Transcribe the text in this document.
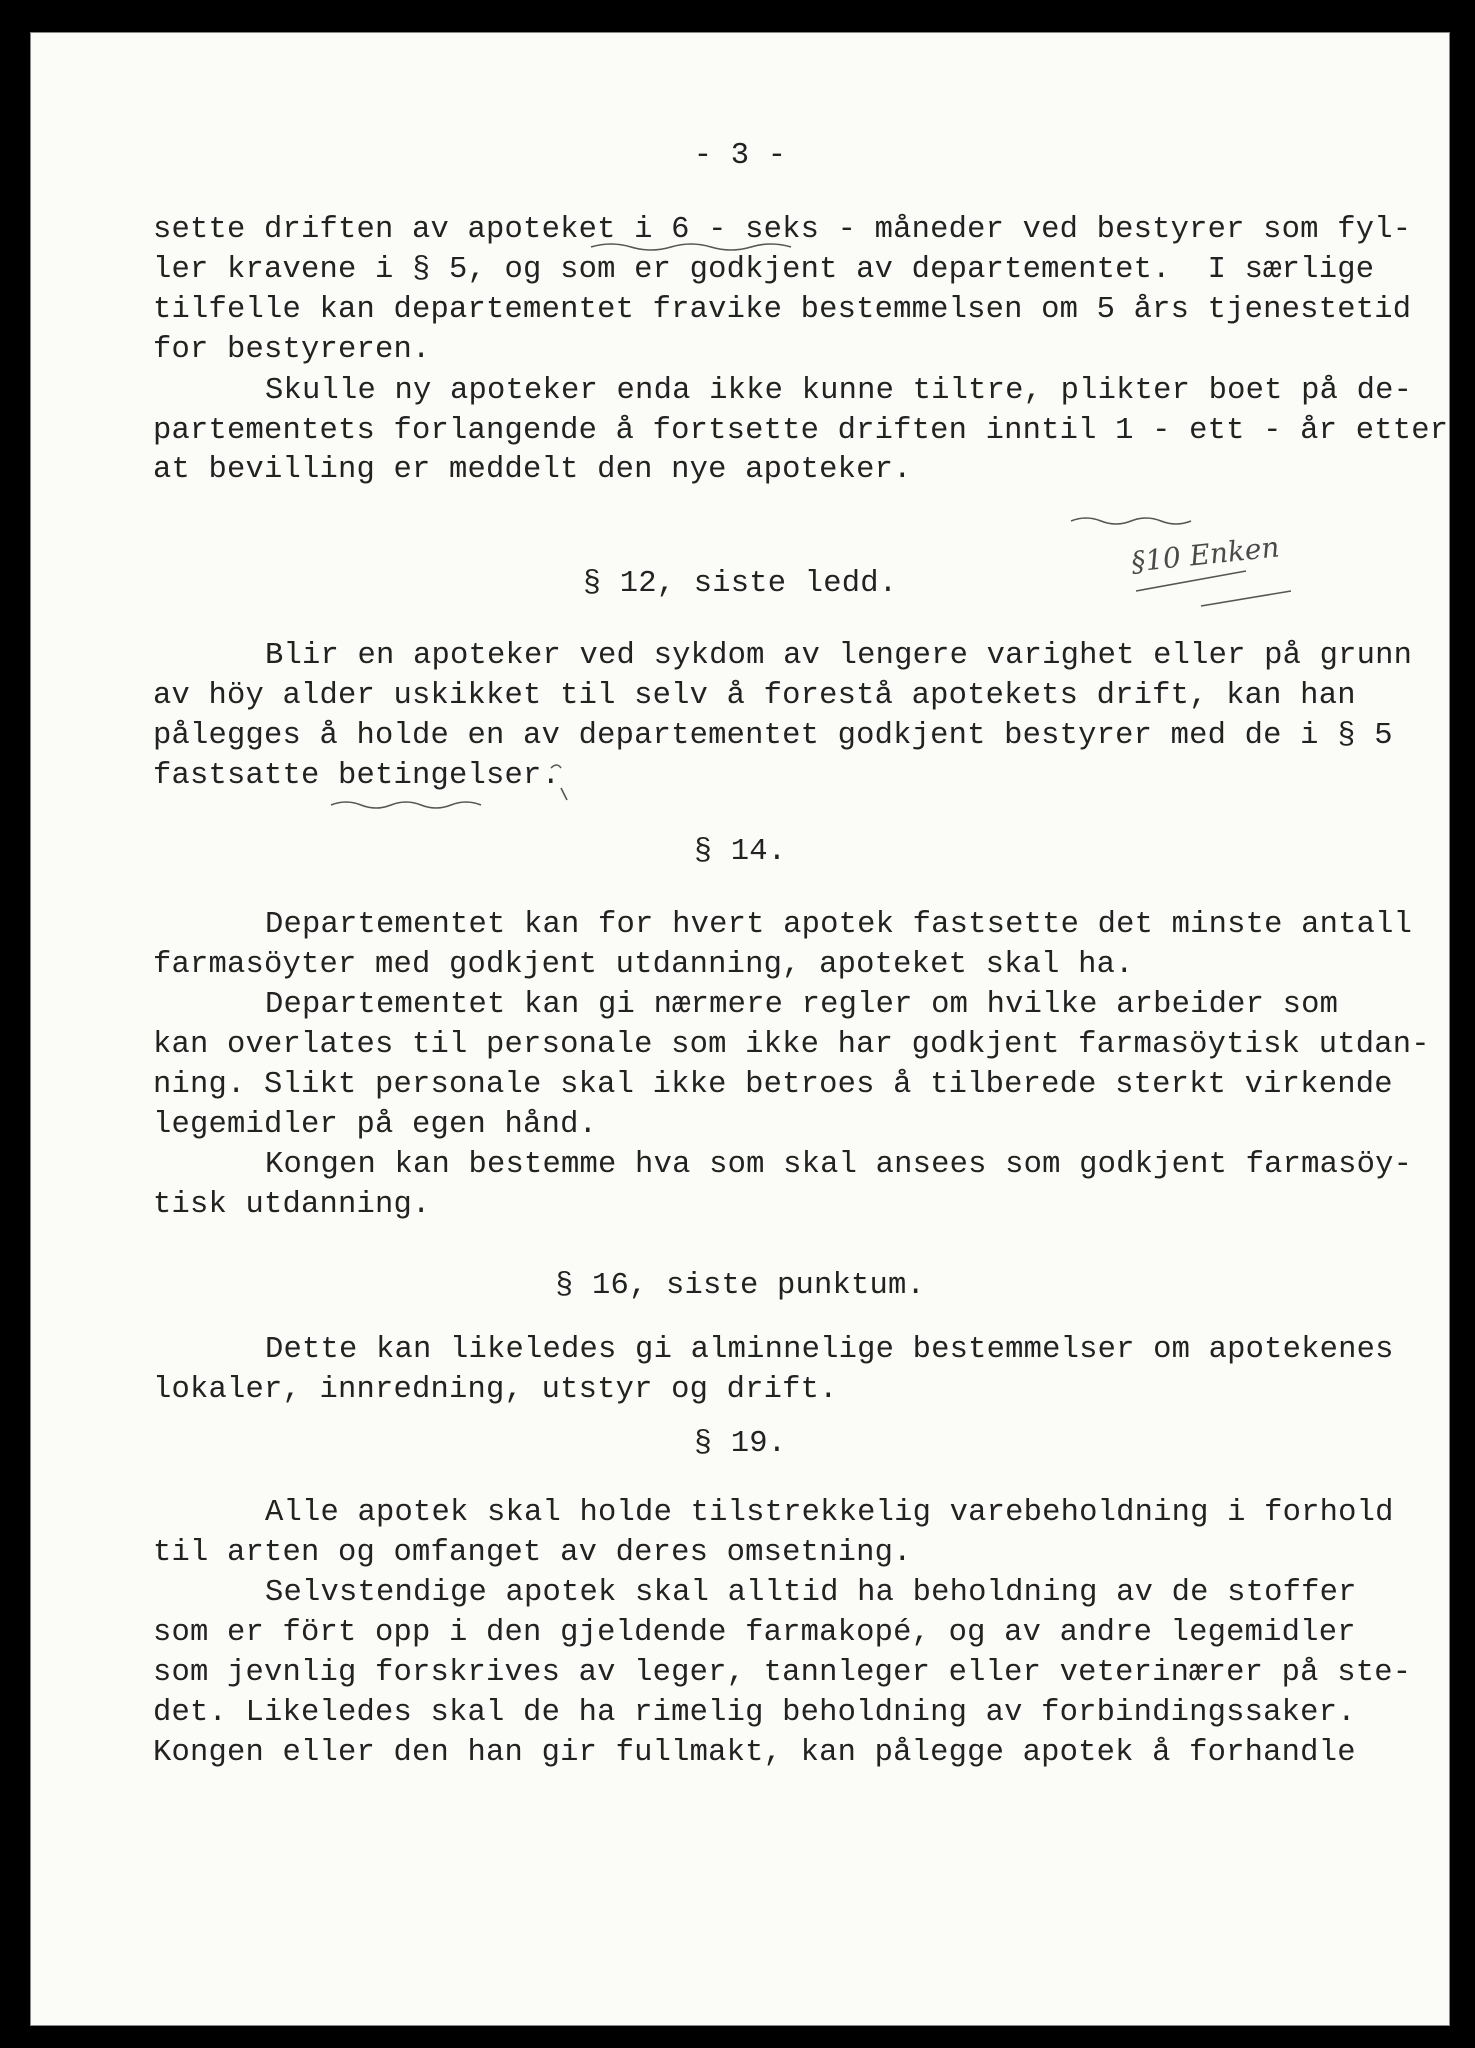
- 3 -

sette driften av apoteket i 6 - seks - måneder ved bestyrer som fyl-

ler kravene i § 5, og som er godkjent av departementet.  I særlige

tilfelle kan departementet fravike bestemmelsen om 5 års tjenestetid

for bestyreren.

Skulle ny apoteker enda ikke kunne tiltre, plikter boet på de-

partementets forlangende å fortsette driften inntil 1 - ett - år etter

at bevilling er meddelt den nye apoteker.

§10 Enken

§ 12, siste ledd.

Blir en apoteker ved sykdom av lengere varighet eller på grunn

av höy alder uskikket til selv å forestå apotekets drift, kan han

pålegges å holde en av departementet godkjent bestyrer med de i § 5

fastsatte betingelser.

§ 14.

Departementet kan for hvert apotek fastsette det minste antall

farmasöyter med godkjent utdanning, apoteket skal ha.

Departementet kan gi nærmere regler om hvilke arbeider som

kan overlates til personale som ikke har godkjent farmasöytisk utdan-

ning. Slikt personale skal ikke betroes å tilberede sterkt virkende

legemidler på egen hånd.

Kongen kan bestemme hva som skal ansees som godkjent farmasöy-

tisk utdanning.

§ 16, siste punktum.

Dette kan likeledes gi alminnelige bestemmelser om apotekenes

lokaler, innredning, utstyr og drift.

§ 19.

Alle apotek skal holde tilstrekkelig varebeholdning i forhold

til arten og omfanget av deres omsetning.

Selvstendige apotek skal alltid ha beholdning av de stoffer

som er fört opp i den gjeldende farmakopé, og av andre legemidler

som jevnlig forskrives av leger, tannleger eller veterinærer på ste-

det. Likeledes skal de ha rimelig beholdning av forbindingssaker.

Kongen eller den han gir fullmakt, kan pålegge apotek å forhandle
